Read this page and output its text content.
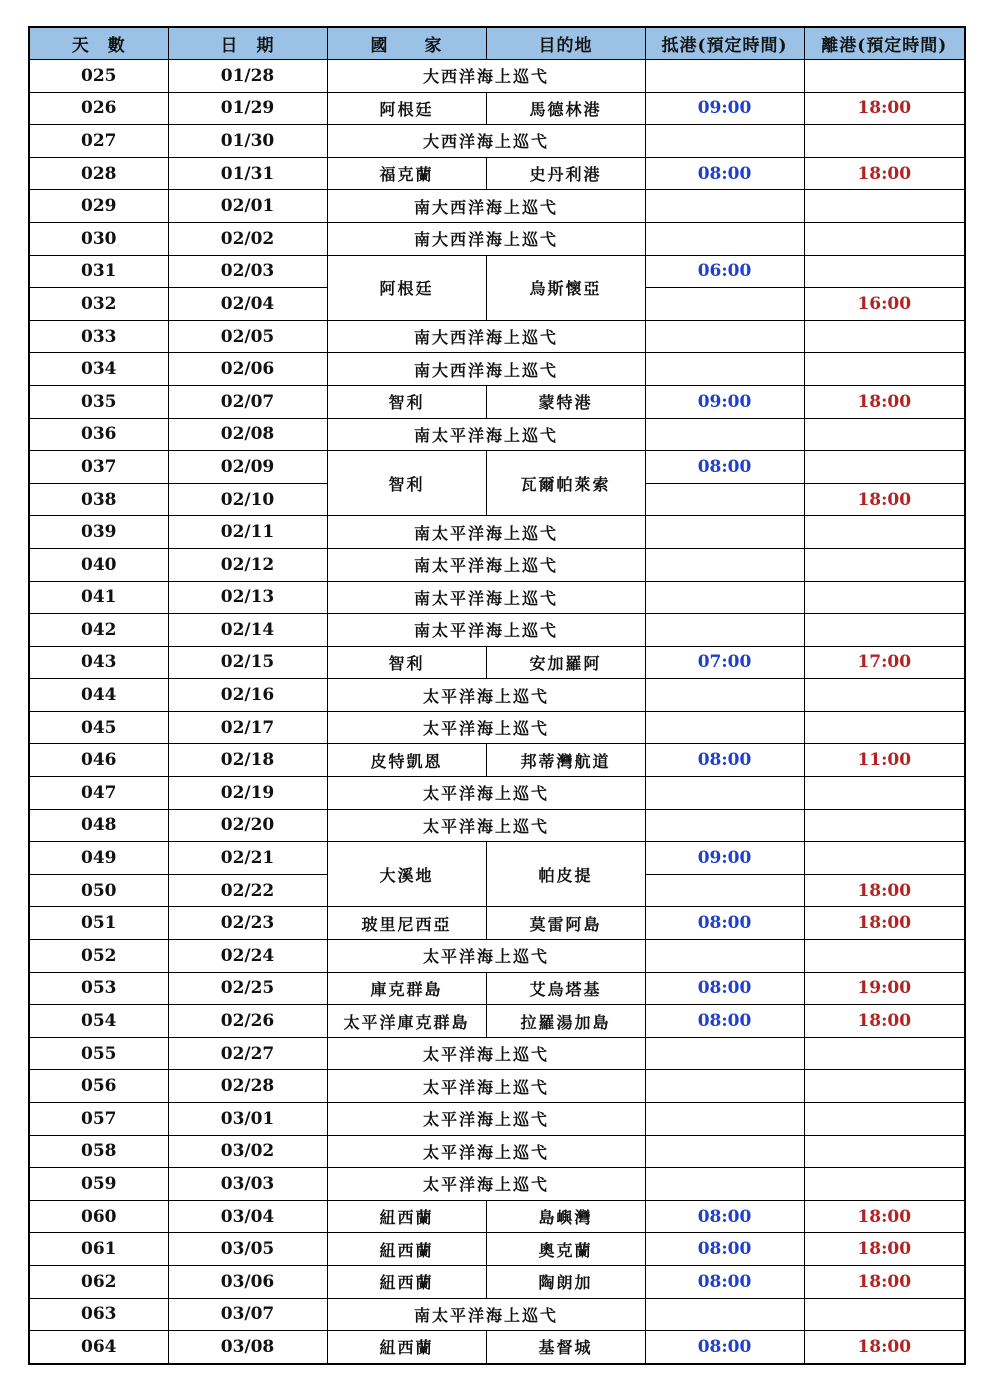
天　數	日　期	國　　家	目的地	抵港(預定時間)	離港(預定時間)
025	01/28	大西洋海上巡弋			
026	01/29	阿根廷	馬德林港	09:00	18:00
027	01/30	大西洋海上巡弋			
028	01/31	福克蘭	史丹利港	08:00	18:00
029	02/01	南大西洋海上巡弋			
030	02/02	南大西洋海上巡弋			
031	02/03	阿根廷	烏斯懷亞	06:00	
032	02/04				16:00
033	02/05	南大西洋海上巡弋			
034	02/06	南大西洋海上巡弋			
035	02/07	智利	蒙特港	09:00	18:00
036	02/08	南太平洋海上巡弋			
037	02/09	智利	瓦爾帕萊索	08:00	
038	02/10				18:00
039	02/11	南太平洋海上巡弋			
040	02/12	南太平洋海上巡弋			
041	02/13	南太平洋海上巡弋			
042	02/14	南太平洋海上巡弋			
043	02/15	智利	安加羅阿	07:00	17:00
044	02/16	太平洋海上巡弋			
045	02/17	太平洋海上巡弋			
046	02/18	皮特凱恩	邦蒂灣航道	08:00	11:00
047	02/19	太平洋海上巡弋			
048	02/20	太平洋海上巡弋			
049	02/21	大溪地	帕皮提	09:00	
050	02/22				18:00
051	02/23	玻里尼西亞	莫雷阿島	08:00	18:00
052	02/24	太平洋海上巡弋			
053	02/25	庫克群島	艾烏塔基	08:00	19:00
054	02/26	太平洋庫克群島	拉羅湯加島	08:00	18:00
055	02/27	太平洋海上巡弋			
056	02/28	太平洋海上巡弋			
057	03/01	太平洋海上巡弋			
058	03/02	太平洋海上巡弋			
059	03/03	太平洋海上巡弋			
060	03/04	紐西蘭	島嶼灣	08:00	18:00
061	03/05	紐西蘭	奧克蘭	08:00	18:00
062	03/06	紐西蘭	陶朗加	08:00	18:00
063	03/07	南太平洋海上巡弋			
064	03/08	紐西蘭	基督城	08:00	18:00
